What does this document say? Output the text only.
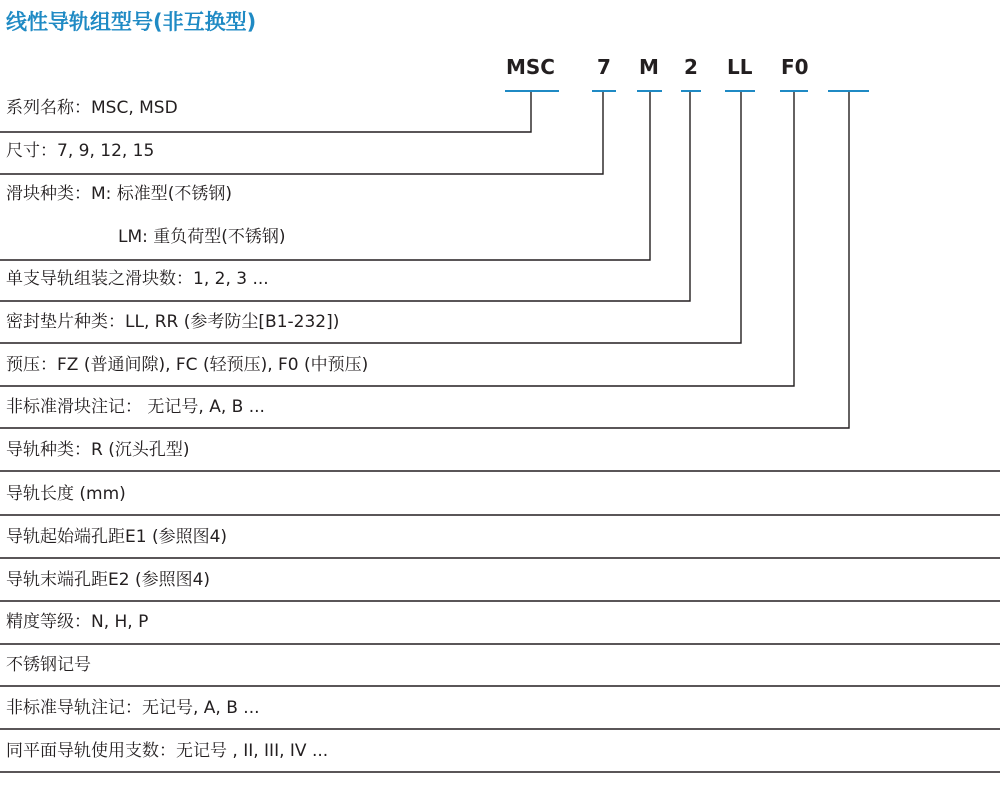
线性导轨组型号(非互换型)
MSC 7 M 2 LL F0
系列名称：MSC, MSD
尺寸：7, 9, 12, 15
滑块种类：M: 标准型(不锈钢)
LM: 重负荷型(不锈钢)
单支导轨组装之滑块数：1, 2, 3 ...
密封垫片种类：LL, RR (参考防尘[B1-232])
预压：FZ (普通间隙), FC (轻预压), F0 (中预压)
非标准滑块注记： 无记号, A, B ...
导轨种类：R (沉头孔型)
导轨长度 (mm)
导轨起始端孔距E1 (参照图4)
导轨末端孔距E2 (参照图4)
精度等级：N, H, P
不锈钢记号
非标准导轨注记：无记号, A, B ...
同平面导轨使用支数：无记号 , II, III, IV ...
